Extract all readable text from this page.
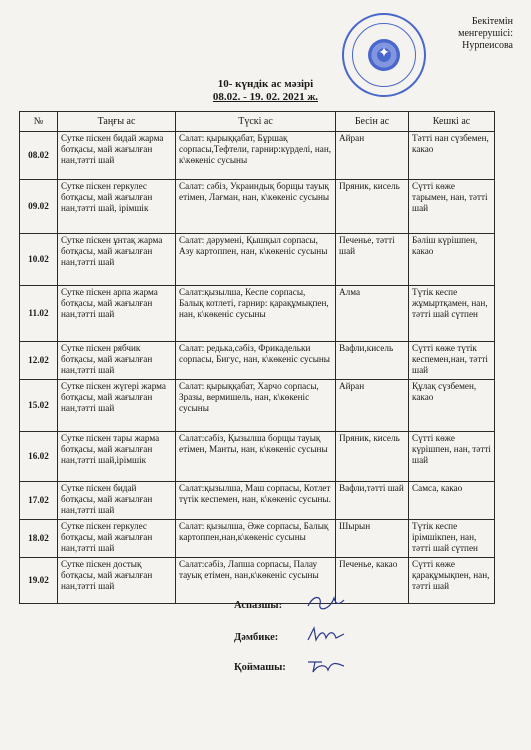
Бекітемін
менгерушісі:
Нурпеисова
✦
10- күндік ас мәзірі
08.02. - 19. 02. 2021 ж.
№	Таңғы ас	Түскі ас	Бесін ас	Кешкі ас
08.02	Сутке піскен бидай жарма ботқасы, май жағылған нан,тәтті шай	Салат: қырыққабат, Бұршақ сорпасы,Тефтели, гарнир:күрделі, нан, к\көкеніс сусыны	Айран	Тәтті нан сүзбемен, какао
09.02	Сутке піскен геркулес ботқасы, май жағылған нан,тәтті шай, ірімшік	Салат: сәбіз, Украиндық борщы тауық етімен, Лағман, нан, к\көкеніс сусыны	Пряник, кисель	Сүтті көже тарымен, нан, тәтті шай
10.02	Сутке піскен ұнтақ жарма ботқасы, май жағылған нан,тәтті шай	Салат: дәрумені, Қышқыл сорпасы, Азу картоппен, нан, к\көкеніс сусыны	Печенье, тәтті шай	Бәліш күрішпен, какао
11.02	Сутке піскен арпа жарма ботқасы, май жағылған нан,тәтті шай	Салат:қызылша, Кеспе сорпасы, Балық котлеті, гарнир: қарақұмықпен, нан, к\көкеніс сусыны	Алма	Түтік кеспе жұмыртқамен, нан, тәтті шай сүтпен
12.02	Сутке піскен рябчик ботқасы, май жағылған нан,тәтті шай	Салат: редька,сәбіз, Фрикадельки сорпасы, Бигус, нан, к\көкеніс сусыны	Вафли,кисель	Сүтті көже түтік кеспемен,нан, тәтті шай
15.02	Сутке піскен жүгері жарма ботқасы, май жағылған нан,тәтті шай	Салат: қырыққабат, Харчо сорпасы, Зразы, вермишель, нан, к\көкеніс сусыны	Айран	Құлақ сүзбемен, какао
16.02	Сутке піскен тары жарма ботқасы, май жағылған нан,тәтті шай,ірімшік	Салат:сәбіз, Қызылша борщы тауық етімен, Манты, нан, к\көкеніс сусыны	Пряник, кисель	Сүтті көже күрішпен, нан, тәтті шай
17.02	Сутке піскен бидай ботқасы, май жағылған нан,тәтті шай	Салат:қызылша, Маш сорпасы, Котлет түтік кеспемен, нан, к\көкеніс сусыны.	Вафли,тәтті шай	Самса, какао
18.02	Сутке піскен геркулес ботқасы, май жағылған нан,тәтті шай	Салат: қызылша, Әже сорпасы, Балық картоппен,нан,к\көкеніс сусыны	Шырын	Түтік кеспе ірімшікпен, нан, тәтті шай сүтпен
19.02	Сутке піскен достық ботқасы, май жағылған нан,тәтті шай	Салат:сәбіз, Лапша сорпасы, Палау тауық етімен, нан,к\көкеніс сусыны	Печенье, какао	Сүтті көже қарақұмықпен, нан, тәтті шай
Аспазшы:
Дәмбике:
Қоймашы:
